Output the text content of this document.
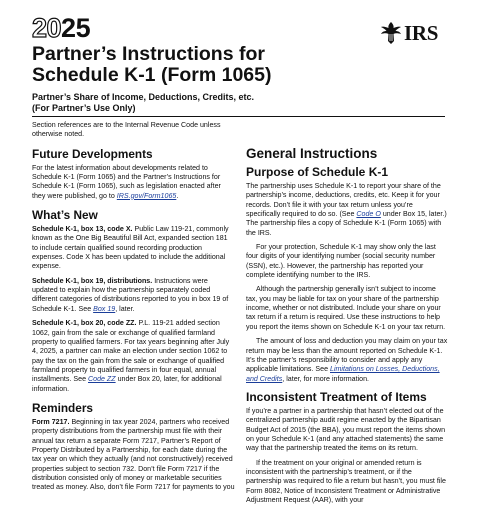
2025	IRS
Partner’s Instructions for
Schedule K-1 (Form 1065)
Partner’s Share of Income, Deductions, Credits, etc.
(For Partner’s Use Only)

Section references are to the Internal Revenue Code unless otherwise noted.

Future Developments

For the latest information about developments related to Schedule K-1 (Form 1065) and the Partner’s Instructions for Schedule K-1 (Form 1065), such as legislation enacted after they were published, go to IRS.gov/Form1065.

What’s New

Schedule K-1, box 13, code X. Public Law 119-21, commonly known as the One Big Beautiful Bill Act, expanded section 181 to include certain qualified sound recording production expenses. Code X has been updated to include the additional expense.

Schedule K-1, box 19, distributions. Instructions were updated to explain how the partnership separately coded different categories of distributions reported to you in box 19 of Schedule K-1. See Box 19, later.

Schedule K-1, box 20, code ZZ. P.L. 119-21 added section 1062, gain from the sale or exchange of qualified farmland property to qualified farmers. For tax years beginning after July 4, 2025, a partner can make an election under section 1062 to pay the tax on the gain from the sale or exchange of qualified farmland property to qualified farmers in four equal, annual installments. See Code ZZ under Box 20, later, for additional information.

Reminders

Form 7217. Beginning in tax year 2024, partners who received property distributions from the partnership must file with their annual tax return a separate Form 7217, Partner’s Report of Property Distributed by a Partnership, for each date during the tax year on which they actually (and not constructively) received properties subject to section 732. Don’t file Form 7217 if the distribution consisted only of money or marketable securities treated as money. Also, don’t file Form 7217 for payments to you

General Instructions
Purpose of Schedule K-1

The partnership uses Schedule K-1 to report your share of the partnership’s income, deductions, credits, etc. Keep it for your records. Don’t file it with your tax return unless you’re specifically required to do so. (See Code O under Box 15, later.) The partnership files a copy of Schedule K-1 (Form 1065) with the IRS.

For your protection, Schedule K-1 may show only the last four digits of your identifying number (social security number (SSN), etc.). However, the partnership has reported your complete identifying number to the IRS.

Although the partnership generally isn’t subject to income tax, you may be liable for tax on your share of the partnership income, whether or not distributed. Include your share on your tax return if a return is required. Use these instructions to help you report the items shown on Schedule K-1 on your tax return.

The amount of loss and deduction you may claim on your tax return may be less than the amount reported on Schedule K-1. It’s the partner’s responsibility to consider and apply any applicable limitations. See Limitations on Losses, Deductions, and Credits, later, for more information.

Inconsistent Treatment of Items

If you’re a partner in a partnership that hasn’t elected out of the centralized partnership audit regime enacted by the Bipartisan Budget Act of 2015 (the BBA), you must report the items shown on your Schedule K-1 (and any attached statements) the same way that the partnership treated the items on its return.

If the treatment on your original or amended return is inconsistent with the partnership’s treatment, or if the partnership was required to file a return but hasn’t, you must file Form 8082, Notice of Inconsistent Treatment or Administrative Adjustment Request (AAR), with your
